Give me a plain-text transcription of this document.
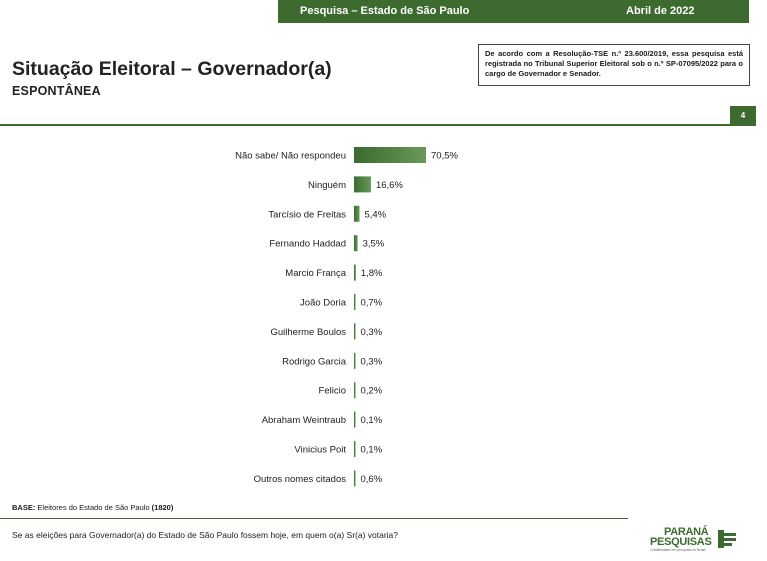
Pesquisa – Estado de São Paulo	Abril de 2022
Situação Eleitoral – Governador(a)
ESPONTÂNEA
De acordo com a Resolução-TSE n.º 23.600/2019, essa pesquisa está registrada no Tribunal Superior Eleitoral sob o n.º SP-07095/2022 para o cargo de Governador e Senador.
4
Não sabe/ Não respondeu	70,5%
Ninguém	16,6%
Tarcísio de Freitas 5,4%
Fernando Haddad 3,5%
Marcio França 1,8%
João Doria 0,7%
Guilherme Boulos 0,3%
Rodrigo Garcia 0,3%
Felicio 0,2%
Abraham Weintraub 0,1%
Vinicius Poit 0,1%
Outros nomes citados 0,6%
BASE: Eleitores do Estado de São Paulo (1820)
Se as eleições para Governador(a) do Estado de São Paulo fossem hoje, em quem o(a) Sr(a) votaria?	PARANÁ
PESQUISAS
Credibilidade em pesquisa no Brasil
